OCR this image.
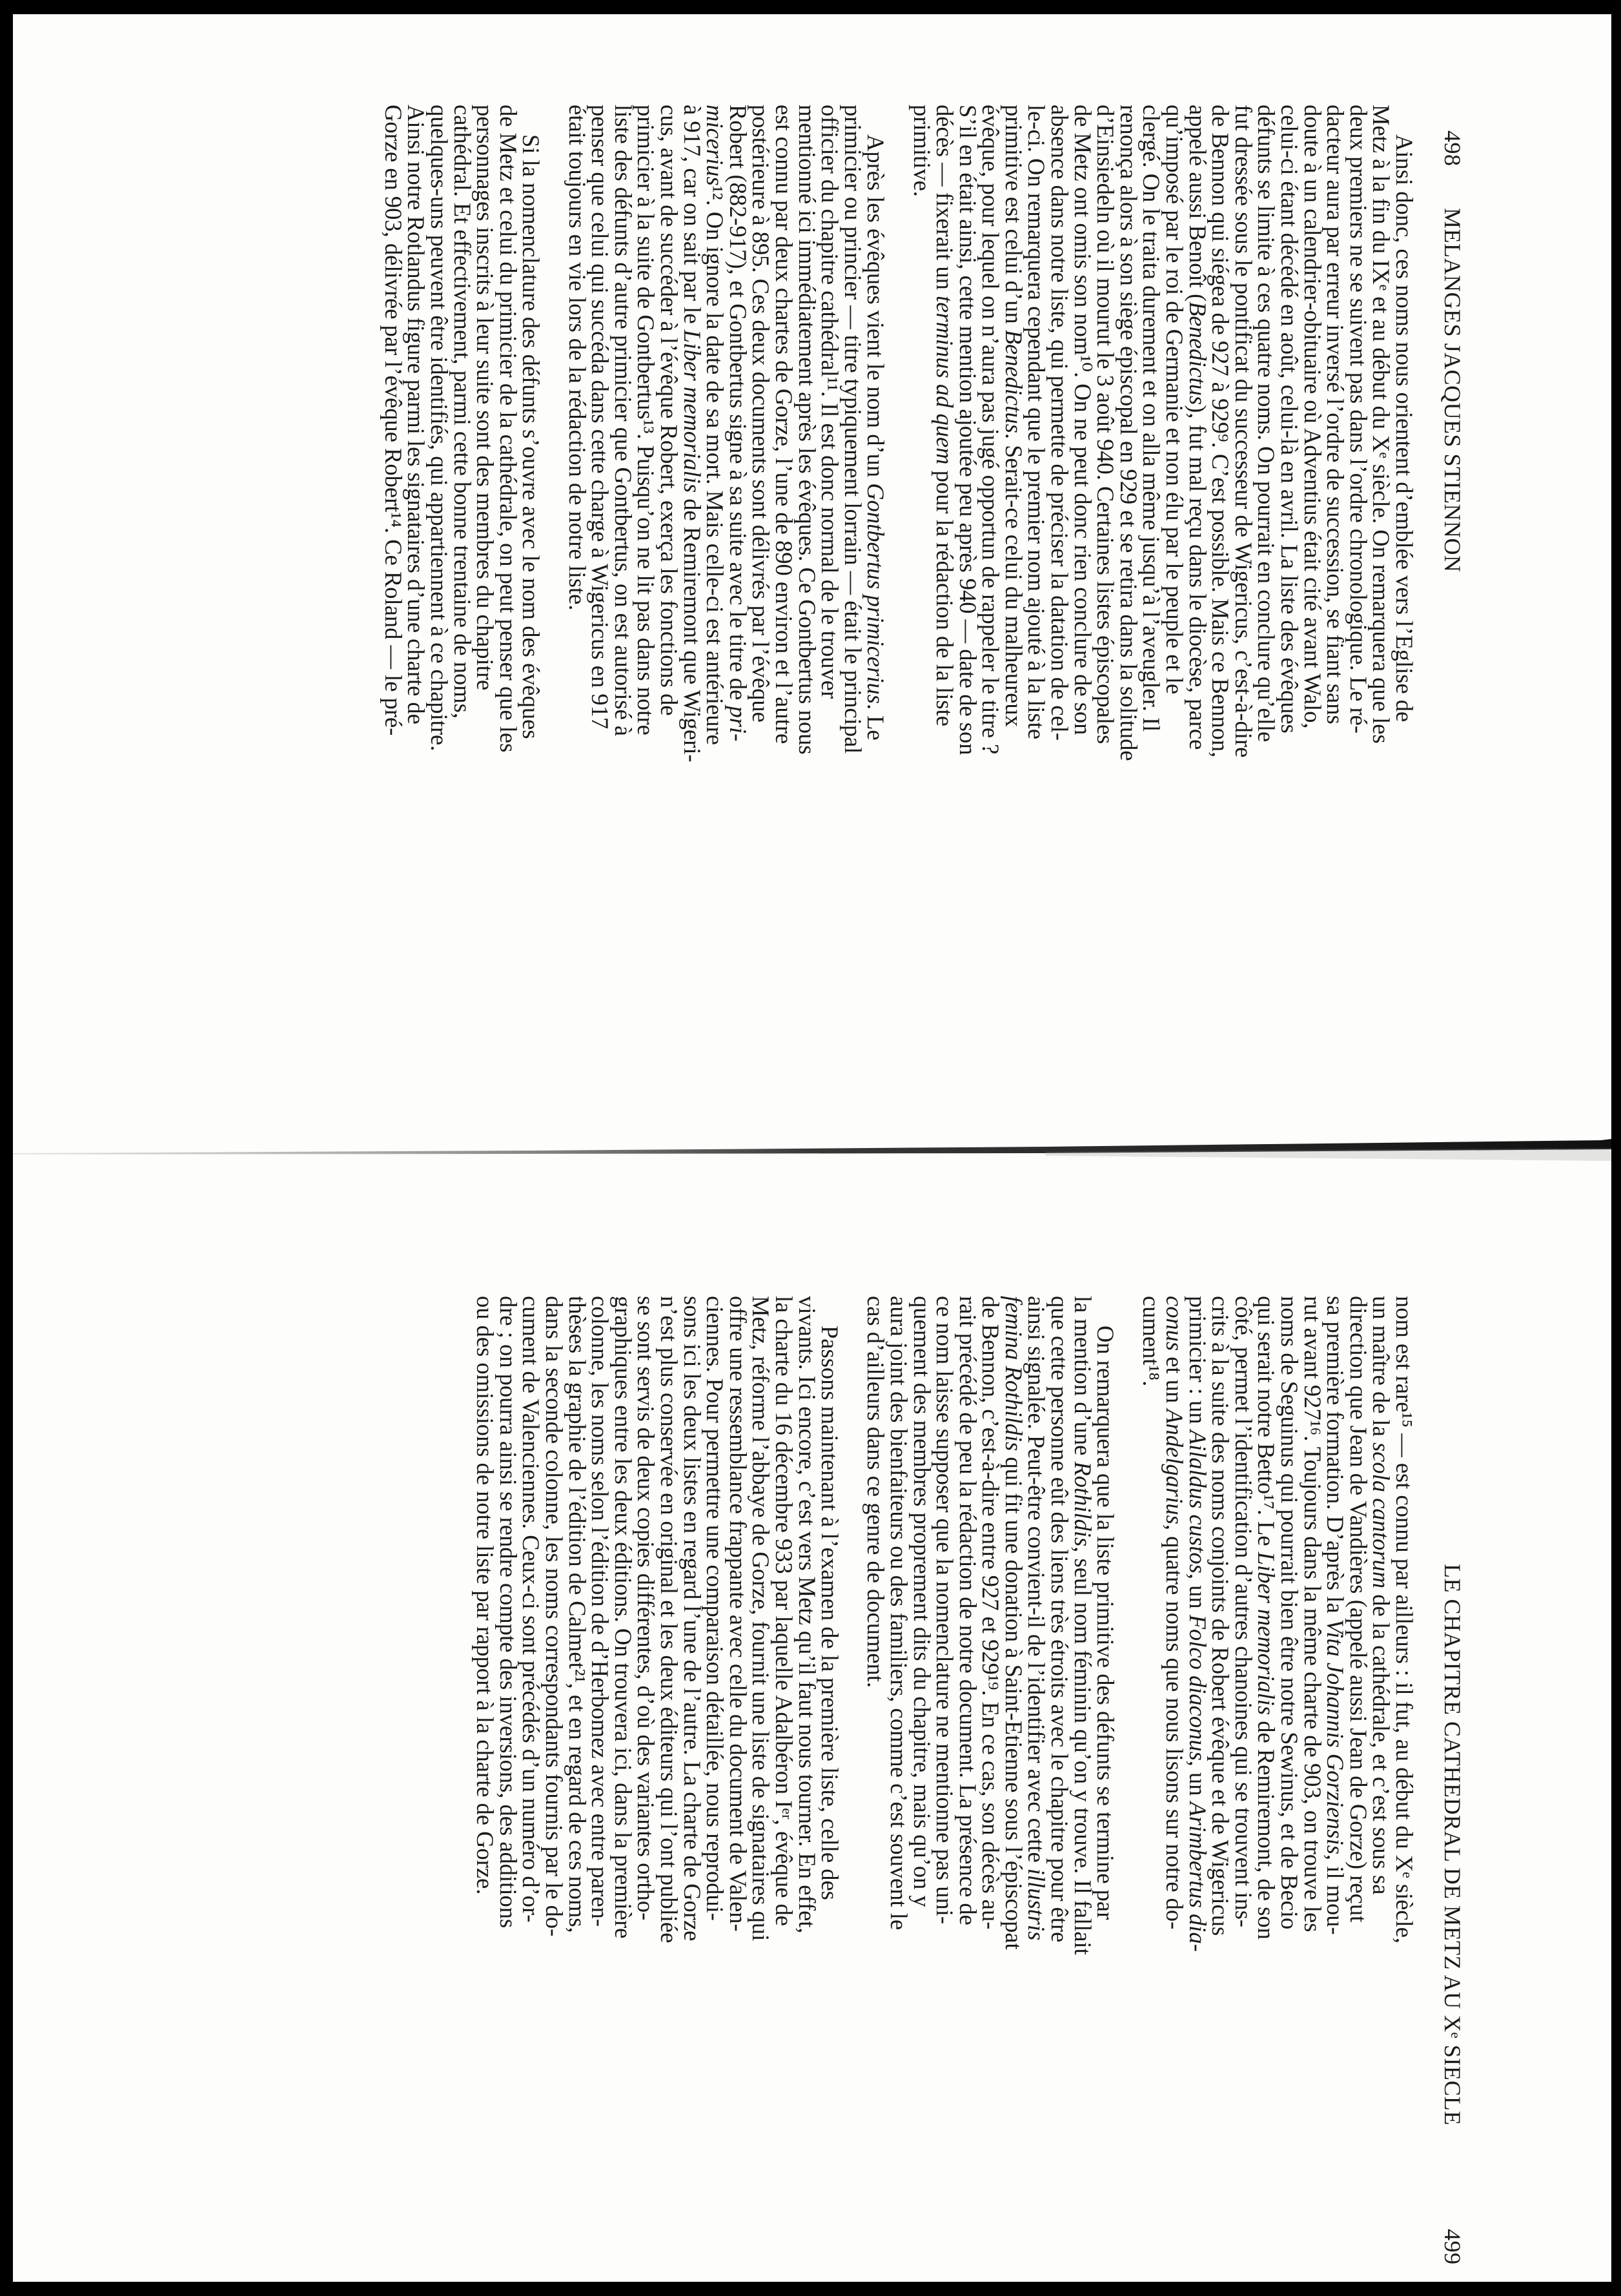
498
MELANGES JACQUES STIENNON
Ainsi donc, ces noms nous orientent d’emblée vers l’Eglise de
Metz à la fin du IXᵉ et au début du Xᵉ siècle. On remarquera que les
deux premiers ne se suivent pas dans l’ordre chronologique. Le ré-
dacteur aura par erreur inversé l’ordre de succession, se fiant sans
doute à un calendrier-obituaire où Adventius était cité avant Walo,
celui-ci étant décédé en août, celui-là en avril. La liste des évêques
défunts se limite à ces quatre noms. On pourrait en conclure qu’elle
fut dressée sous le pontificat du successeur de Wigericus, c’est-à-dire
de Bennon qui siégea de 927 à 929⁹. C’est possible. Mais ce Bennon,
appelé aussi Benoît (Benedictus), fut mal reçu dans le diocèse, parce
qu’imposé par le roi de Germanie et non élu par le peuple et le
clergé. On le traita durement et on alla même jusqu’à l’aveugler. Il
renonça alors à son siège épiscopal en 929 et se retira dans la solitude
d’Einsiedeln où il mourut le 3 août 940. Certaines listes épiscopales
de Metz ont omis son nom¹⁰. On ne peut donc rien conclure de son
absence dans notre liste, qui permette de préciser la datation de cel-
le-ci. On remarquera cependant que le premier nom ajouté à la liste
primitive est celui d’un Benedictus. Serait-ce celui du malheureux
évêque, pour lequel on n’aura pas jugé opportun de rappeler le titre ?
S’il en était ainsi, cette mention ajoutée peu après 940 — date de son
décès — fixerait un terminus ad quem pour la rédaction de la liste
primitive.
Après les évêques vient le nom d’un Gontbertus primicerius. Le
primicier ou princier — titre typiquement lorrain — était le principal
officier du chapitre cathédral¹¹. Il est donc normal de le trouver
mentionné ici immédiatement après les évêques. Ce Gontbertus nous
est connu par deux chartes de Gorze, l’une de 890 environ et l’autre
postérieure à 895. Ces deux documents sont délivrés par l’évêque
Robert (882-917), et Gontbertus signe à sa suite avec le titre de pri-
micerius¹². On ignore la date de sa mort. Mais celle-ci est antérieure
à 917, car on sait par le Liber memorialis de Remiremont que Wigeri-
cus, avant de succéder à l’évêque Robert, exerça les fonctions de
primicier à la suite de Gontbertus¹³. Puisqu’on ne lit pas dans notre
liste des défunts d’autre primicier que Gontbertus, on est autorisé à
penser que celui qui succéda dans cette charge à Wigericus en 917
était toujours en vie lors de la rédaction de notre liste.
Si la nomenclature des défunts s’ouvre avec le nom des évêques
de Metz et celui du primicier de la cathédrale, on peut penser que les
personnages inscrits à leur suite sont des membres du chapitre
cathédral. Et effectivement, parmi cette bonne trentaine de noms,
quelques-uns peuvent être identifiés, qui appartiennent à ce chapitre.
Ainsi notre Rotlandus figure parmi les signataires d’une charte de
Gorze en 903, délivrée par l’évêque Robert¹⁴. Ce Roland — le pré-
LE CHAPITRE CATHEDRAL DE METZ AU Xᵉ SIECLE
499
nom est rare¹⁵ — est connu par ailleurs : il fut, au début du Xᵉ siècle,
un maître de la scola cantorum de la cathédrale, et c’est sous sa
direction que Jean de Vandières (appelé aussi Jean de Gorze) reçut
sa première formation. D’après la Vita Johannis Gorziensis, il mou-
rut avant 927¹⁶. Toujours dans la même charte de 903, on trouve les
noms de Seguinus qui pourrait bien être notre Sewinus, et de Becio
qui serait notre Betto¹⁷. Le Liber memorialis de Remiremont, de son
côté, permet l’identification d’autres chanoines qui se trouvent ins-
crits à la suite des noms conjoints de Robert évêque et de Wigericus
primicier : un Ailaldus custos, un Folco diaconus, un Arimbertus dia-
conus et un Andelgarius, quatre noms que nous lisons sur notre do-
cument¹⁸.
On remarquera que la liste primitive des défunts se termine par
la mention d’une Rothildis, seul nom féminin qu’on y trouve. Il fallait
que cette personne eût des liens très étroits avec le chapitre pour être
ainsi signalée. Peut-être convient-il de l’identifier avec cette illustris
femina Rothildis qui fit une donation à Saint-Etienne sous l’épiscopat
de Bennon, c’est-à-dire entre 927 et 929¹⁹. En ce cas, son décès au-
rait précédé de peu la rédaction de notre document. La présence de
ce nom laisse supposer que la nomenclature ne mentionne pas uni-
quement des membres proprement dits du chapitre, mais qu’on y
aura joint des bienfaiteurs ou des familiers, comme c’est souvent le
cas d’ailleurs dans ce genre de document.
Passons maintenant à l’examen de la première liste, celle des
vivants. Ici encore, c’est vers Metz qu’il faut nous tourner. En effet,
la charte du 16 décembre 933 par laquelle Adalbéron Iᵉʳ, évêque de
Metz, réforme l’abbaye de Gorze, fournit une liste de signataires qui
offre une ressemblance frappante avec celle du document de Valen-
ciennes. Pour permettre une comparaison détaillée, nous reprodui-
sons ici les deux listes en regard l’une de l’autre. La charte de Gorze
n’est plus conservée en original et les deux éditeurs qui l’ont publiée
se sont servis de deux copies différentes, d’où des variantes ortho-
graphiques entre les deux éditions. On trouvera ici, dans la première
colonne, les noms selon l’édition de d’Herbomez avec entre paren-
thèses la graphie de l’édition de Calmet²¹, et en regard de ces noms,
dans la seconde colonne, les noms correspondants fournis par le do-
cument de Valenciennes. Ceux-ci sont précédés d’un numéro d’or-
dre ; on pourra ainsi se rendre compte des inversions, des additions
ou des omissions de notre liste par rapport à la charte de Gorze.
